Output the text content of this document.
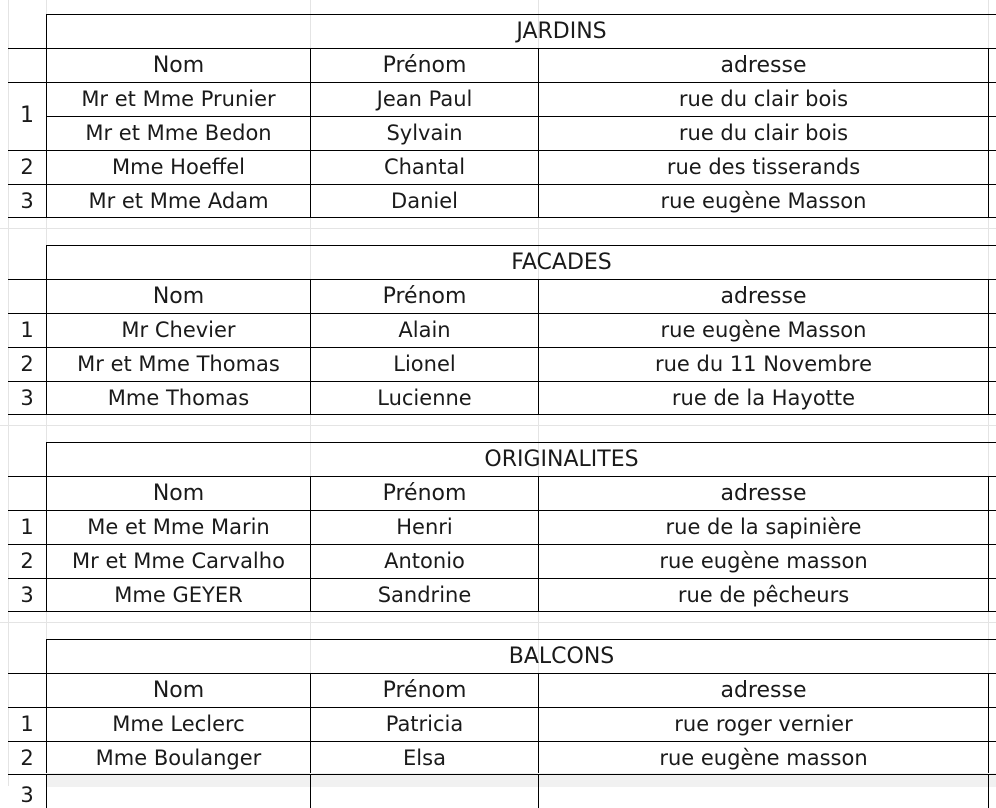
JARDINS
Nom	Prénom	adresse
1
Mr et Mme Prunier	Jean Paul	rue du clair bois
Mr et Mme Bedon	Sylvain	rue du clair bois
2	Mme Hoeffel	Chantal	rue des tisserands
3	Mr et Mme Adam	Daniel	rue eugène Masson
FACADES
Nom	Prénom	adresse
1	Mr Chevier	Alain	rue eugène Masson
2	Mr et Mme Thomas	Lionel	rue du 11 Novembre
3	Mme Thomas	Lucienne	rue de la Hayotte
ORIGINALITES
Nom	Prénom	adresse
1	Me et Mme Marin	Henri	rue de la sapinière
2	Mr et Mme Carvalho	Antonio	rue eugène masson
3	Mme GEYER	Sandrine	rue de pêcheurs
BALCONS
Nom	Prénom	adresse
1	Mme Leclerc	Patricia	rue roger vernier
2	Mme Boulanger	Elsa	rue eugène masson
3
